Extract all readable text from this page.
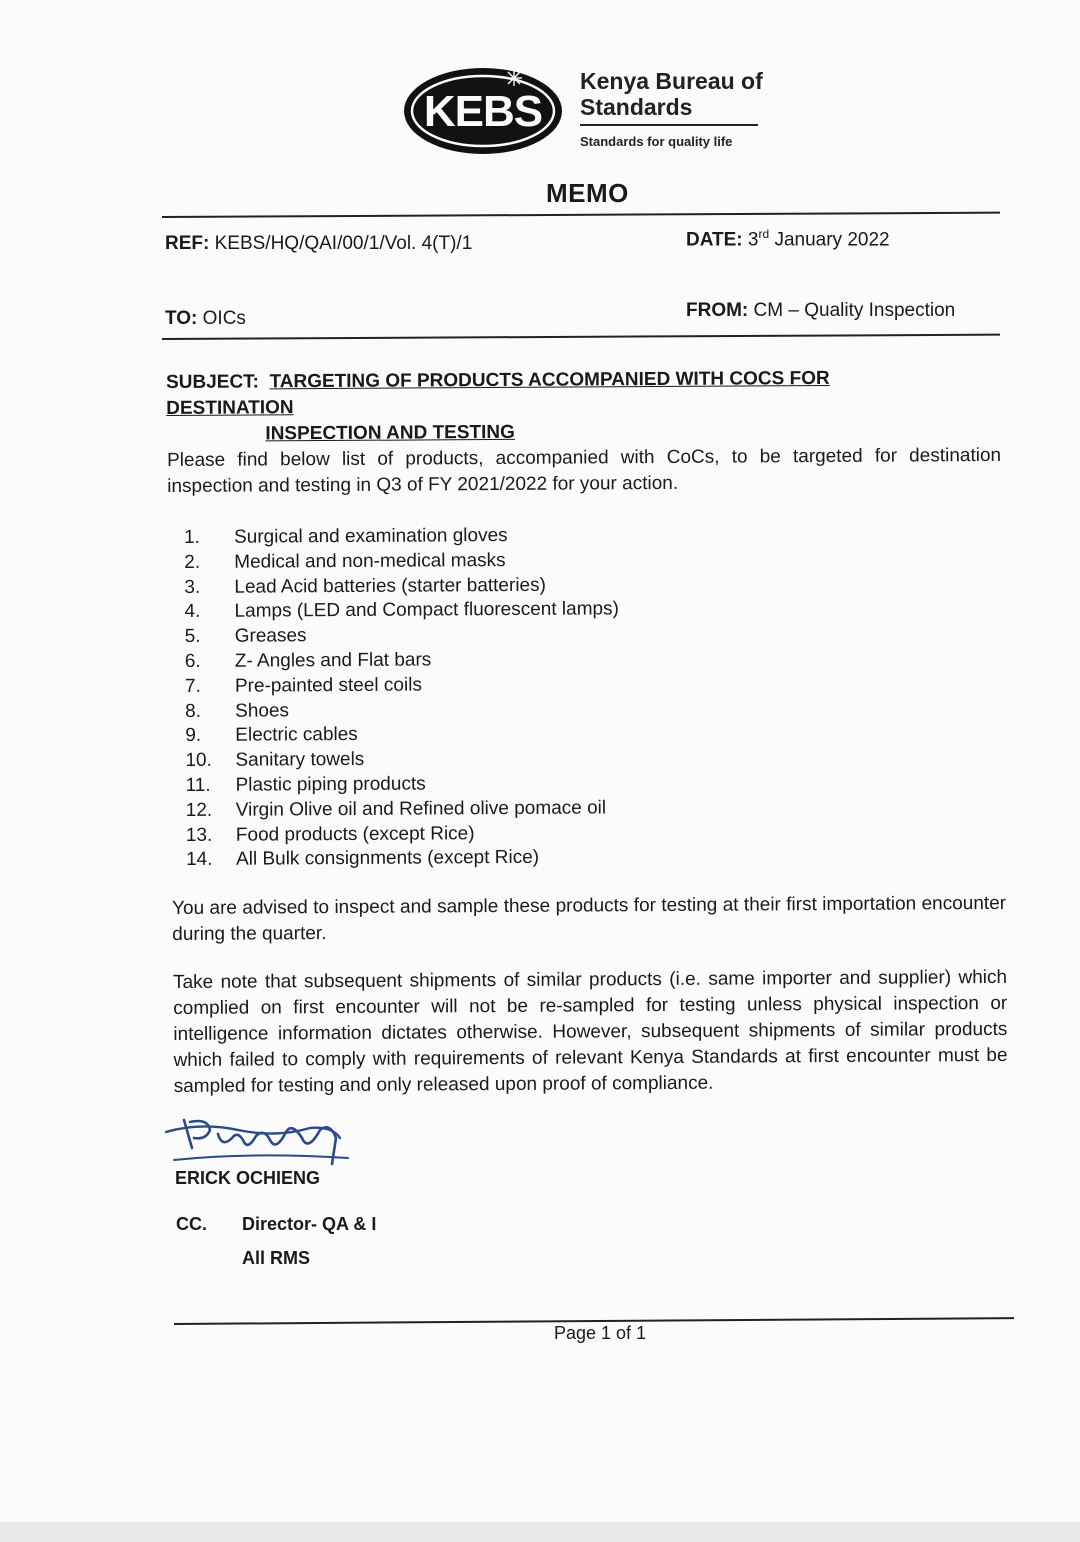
KEBS
Kenya Bureau of
Standards
Standards for quality life
MEMO
REF: KEBS/HQ/QAI/00/1/Vol. 4(T)/1	DATE: 3rd January 2022
TO: OICs	FROM: CM – Quality Inspection
SUBJECT: TARGETING OF PRODUCTS ACCOMPANIED WITH COCS FOR DESTINATION
INSPECTION AND TESTING
Please find below list of products, accompanied with CoCs, to be targeted for destination inspection and testing in Q3 of FY 2021/2022 for your action.
1.	Surgical and examination gloves
2.	Medical and non-medical masks
3.	Lead Acid batteries (starter batteries)
4.	Lamps (LED and Compact fluorescent lamps)
5.	Greases
6.	Z- Angles and Flat bars
7.	Pre-painted steel coils
8.	Shoes
9.	Electric cables
10.	Sanitary towels
11.	Plastic piping products
12.	Virgin Olive oil and Refined olive pomace oil
13.	Food products (except Rice)
14.	All Bulk consignments (except Rice)
You are advised to inspect and sample these products for testing at their first importation encounter during the quarter.
Take note that subsequent shipments of similar products (i.e. same importer and supplier) which complied on first encounter will not be re-sampled for testing unless physical inspection or intelligence information dictates otherwise. However, subsequent shipments of similar products which failed to comply with requirements of relevant Kenya Standards at first encounter must be sampled for testing and only released upon proof of compliance.
ERICK OCHIENG
CC. Director- QA & I
All RMS
Page 1 of 1
